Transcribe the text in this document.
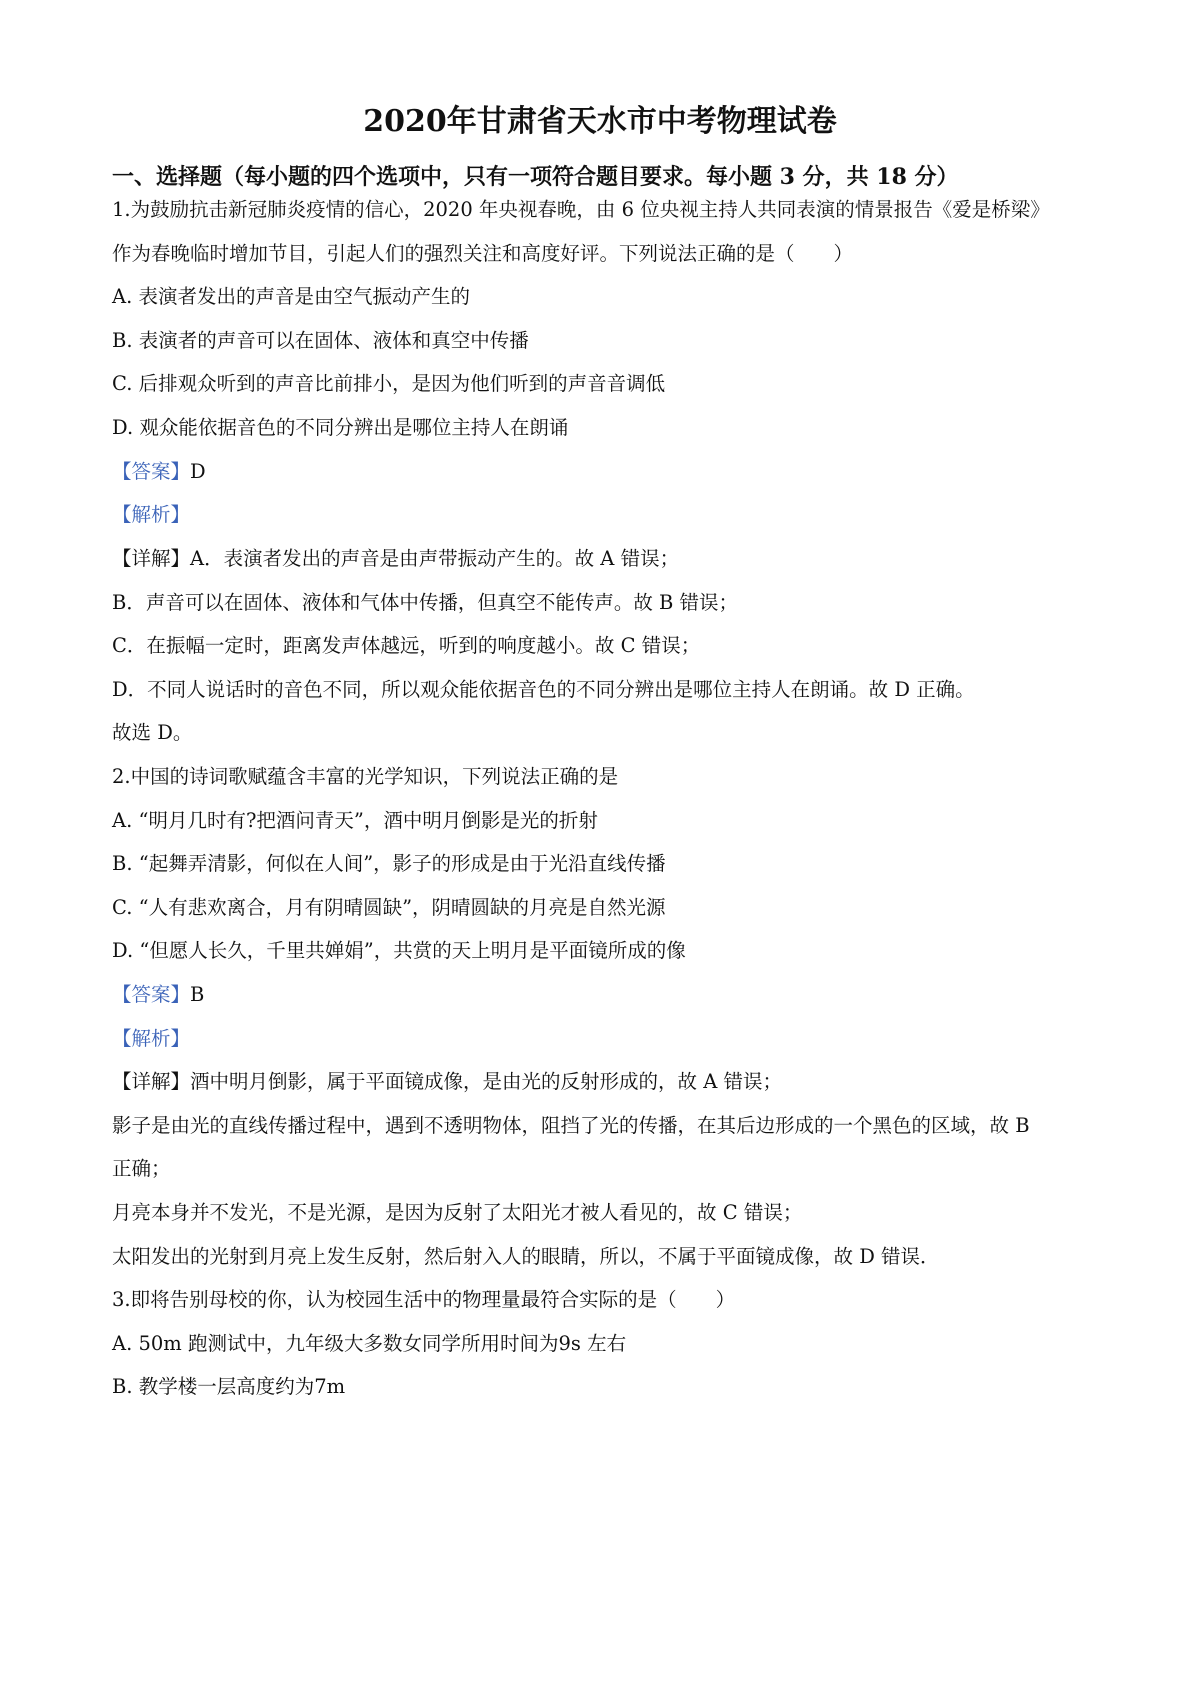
2020年甘肃省天水市中考物理试卷
一、选择题（每小题的四个选项中，只有一项符合题目要求。每小题 3 分，共 18 分）
1.为鼓励抗击新冠肺炎疫情的信心，2020 年央视春晚，由 6 位央视主持人共同表演的情景报告《爱是桥梁》
作为春晚临时增加节目，引起人们的强烈关注和高度好评。下列说法正确的是（　　）
A. 表演者发出的声音是由空气振动产生的
B. 表演者的声音可以在固体、液体和真空中传播
C. 后排观众听到的声音比前排小，是因为他们听到的声音音调低
D. 观众能依据音色的不同分辨出是哪位主持人在朗诵
【答案】D
【解析】
【详解】A．表演者发出的声音是由声带振动产生的。故 A 错误；
B．声音可以在固体、液体和气体中传播，但真空不能传声。故 B 错误；
C．在振幅一定时，距离发声体越远，听到的响度越小。故 C 错误；
D．不同人说话时的音色不同，所以观众能依据音色的不同分辨出是哪位主持人在朗诵。故 D 正确。
故选 D。
2.中国的诗词歌赋蕴含丰富的光学知识，下列说法正确的是
A. “明月几时有?把酒问青天”，酒中明月倒影是光的折射
B. “起舞弄清影，何似在人间”，影子的形成是由于光沿直线传播
C. “人有悲欢离合，月有阴晴圆缺”，阴晴圆缺的月亮是自然光源
D. “但愿人长久，千里共婵娟”，共赏的天上明月是平面镜所成的像
【答案】B
【解析】
【详解】酒中明月倒影，属于平面镜成像，是由光的反射形成的，故 A 错误；
影子是由光的直线传播过程中，遇到不透明物体，阻挡了光的传播，在其后边形成的一个黑色的区域，故 B
正确；
月亮本身并不发光，不是光源，是因为反射了太阳光才被人看见的，故 C 错误；
太阳发出的光射到月亮上发生反射，然后射入人的眼睛，所以，不属于平面镜成像，故 D 错误．
3.即将告别母校的你，认为校园生活中的物理量最符合实际的是（　　）
A. 50m 跑测试中，九年级大多数女同学所用时间为9s 左右
B. 教学楼一层高度约为7m
